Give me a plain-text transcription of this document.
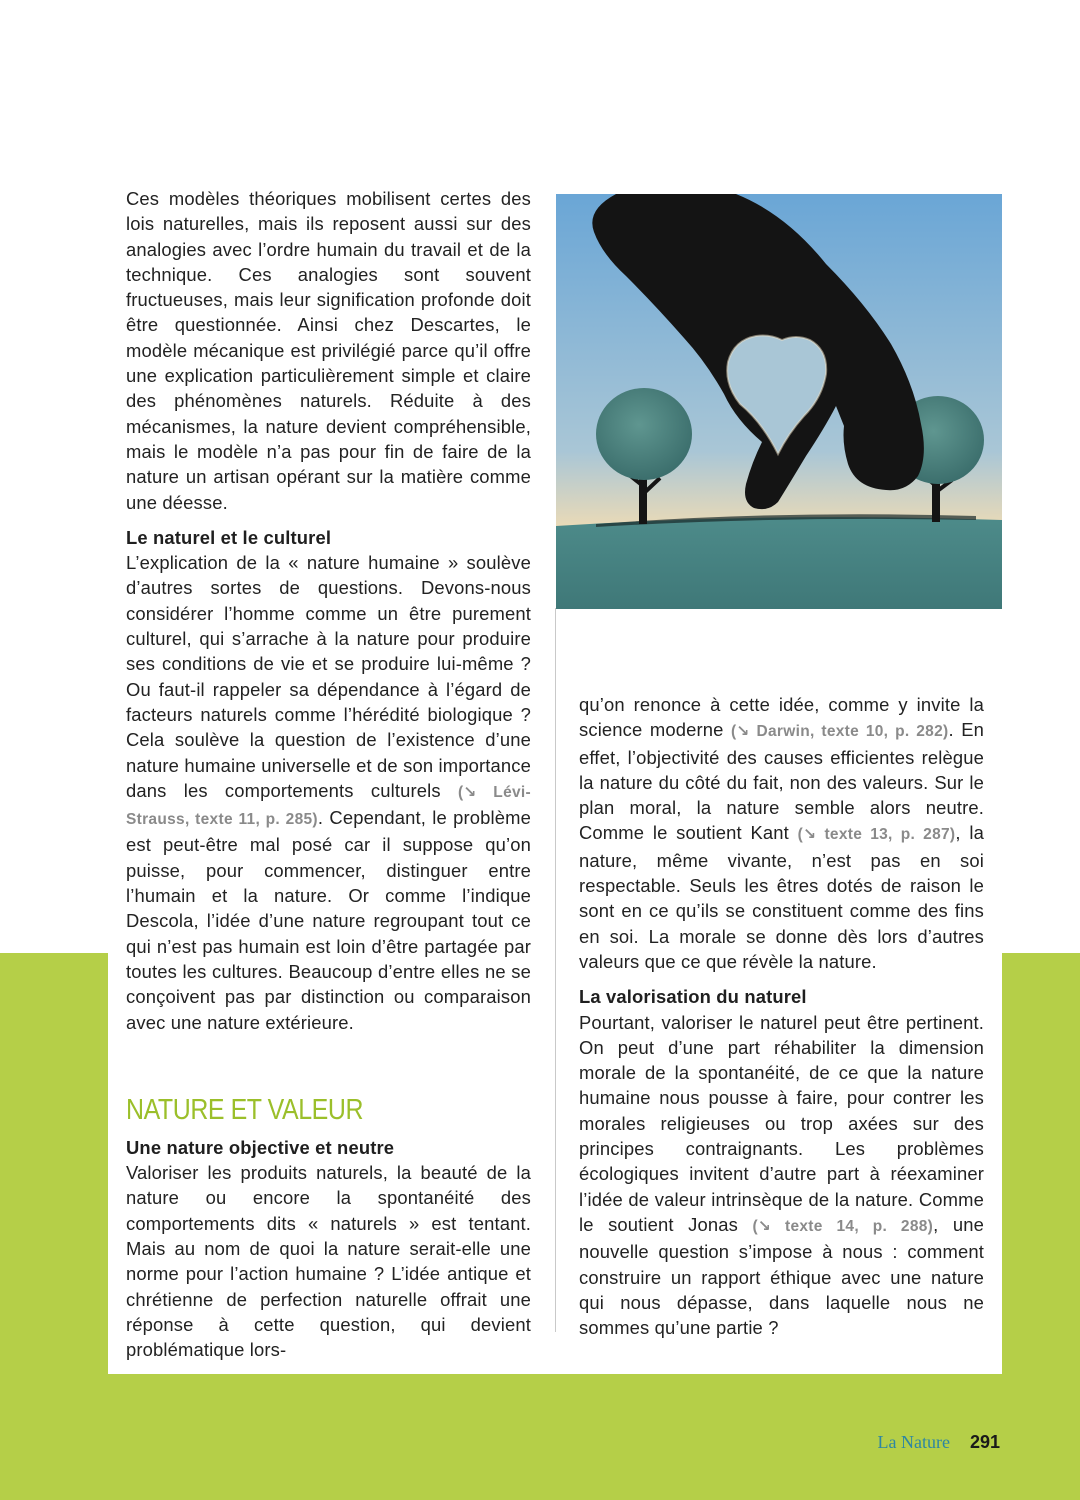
Ces modèles théoriques mobilisent certes des lois naturelles, mais ils reposent aussi sur des analogies avec l’ordre humain du travail et de la technique. Ces analogies sont souvent fructueuses, mais leur signification profonde doit être questionnée. Ainsi chez Descartes, le modèle mécanique est privilégié parce qu’il offre une explication particulièrement simple et claire des phénomènes naturels. Réduite à des mécanismes, la nature devient compréhensible, mais le modèle n’a pas pour fin de faire de la nature un artisan opérant sur la matière comme une déesse.

Le naturel et le culturel

L’explication de la « nature humaine » soulève d’autres sortes de questions. Devons-nous considérer l’homme comme un être purement culturel, qui s’arrache à la nature pour produire ses conditions de vie et se produire lui-même ? Ou faut-il rappeler sa dépendance à l’égard de facteurs naturels comme l’hérédité biologique ? Cela soulève la question de l’existence d’une nature humaine universelle et de son importance dans les comportements culturels (↘ Lévi-Strauss, texte 11, p. 285). Cependant, le problème est peut-être mal posé car il suppose qu’on puisse, pour commencer, distinguer entre l’humain et la nature. Or comme l’indique Descola, l’idée d’une nature regroupant tout ce qui n’est pas humain est loin d’être partagée par toutes les cultures. Beaucoup d’entre elles ne se conçoivent pas par distinction ou comparaison avec une nature extérieure.

NATURE ET VALEUR

Une nature objective et neutre

Valoriser les produits naturels, la beauté de la nature ou encore la spontanéité des comportements dits « naturels » est tentant. Mais au nom de quoi la nature serait-elle une norme pour l’action humaine ? L’idée antique et chrétienne de perfection naturelle offrait une réponse à cette question, qui devient problématique lors-

qu’on renonce à cette idée, comme y invite la science moderne (↘ Darwin, texte 10, p. 282). En effet, l’objectivité des causes efficientes relègue la nature du côté du fait, non des valeurs. Sur le plan moral, la nature semble alors neutre. Comme le soutient Kant (↘ texte 13, p. 287), la nature, même vivante, n’est pas en soi respectable. Seuls les êtres dotés de raison le sont en ce qu’ils se constituent comme des fins en soi. La morale se donne dès lors d’autres valeurs que ce que révèle la nature.

La valorisation du naturel

Pourtant, valoriser le naturel peut être pertinent. On peut d’une part réhabiliter la dimension morale de la spontanéité, de ce que la nature humaine nous pousse à faire, pour contrer les morales religieuses ou trop axées sur des principes contraignants. Les problèmes écologiques invitent d’autre part à réexaminer l’idée de valeur intrinsèque de la nature. Comme le soutient Jonas (↘ texte 14, p. 288), une nouvelle question s’impose à nous : comment construire un rapport éthique avec une nature qui nous dépasse, dans laquelle nous ne sommes qu’une partie ?

La Nature 291
